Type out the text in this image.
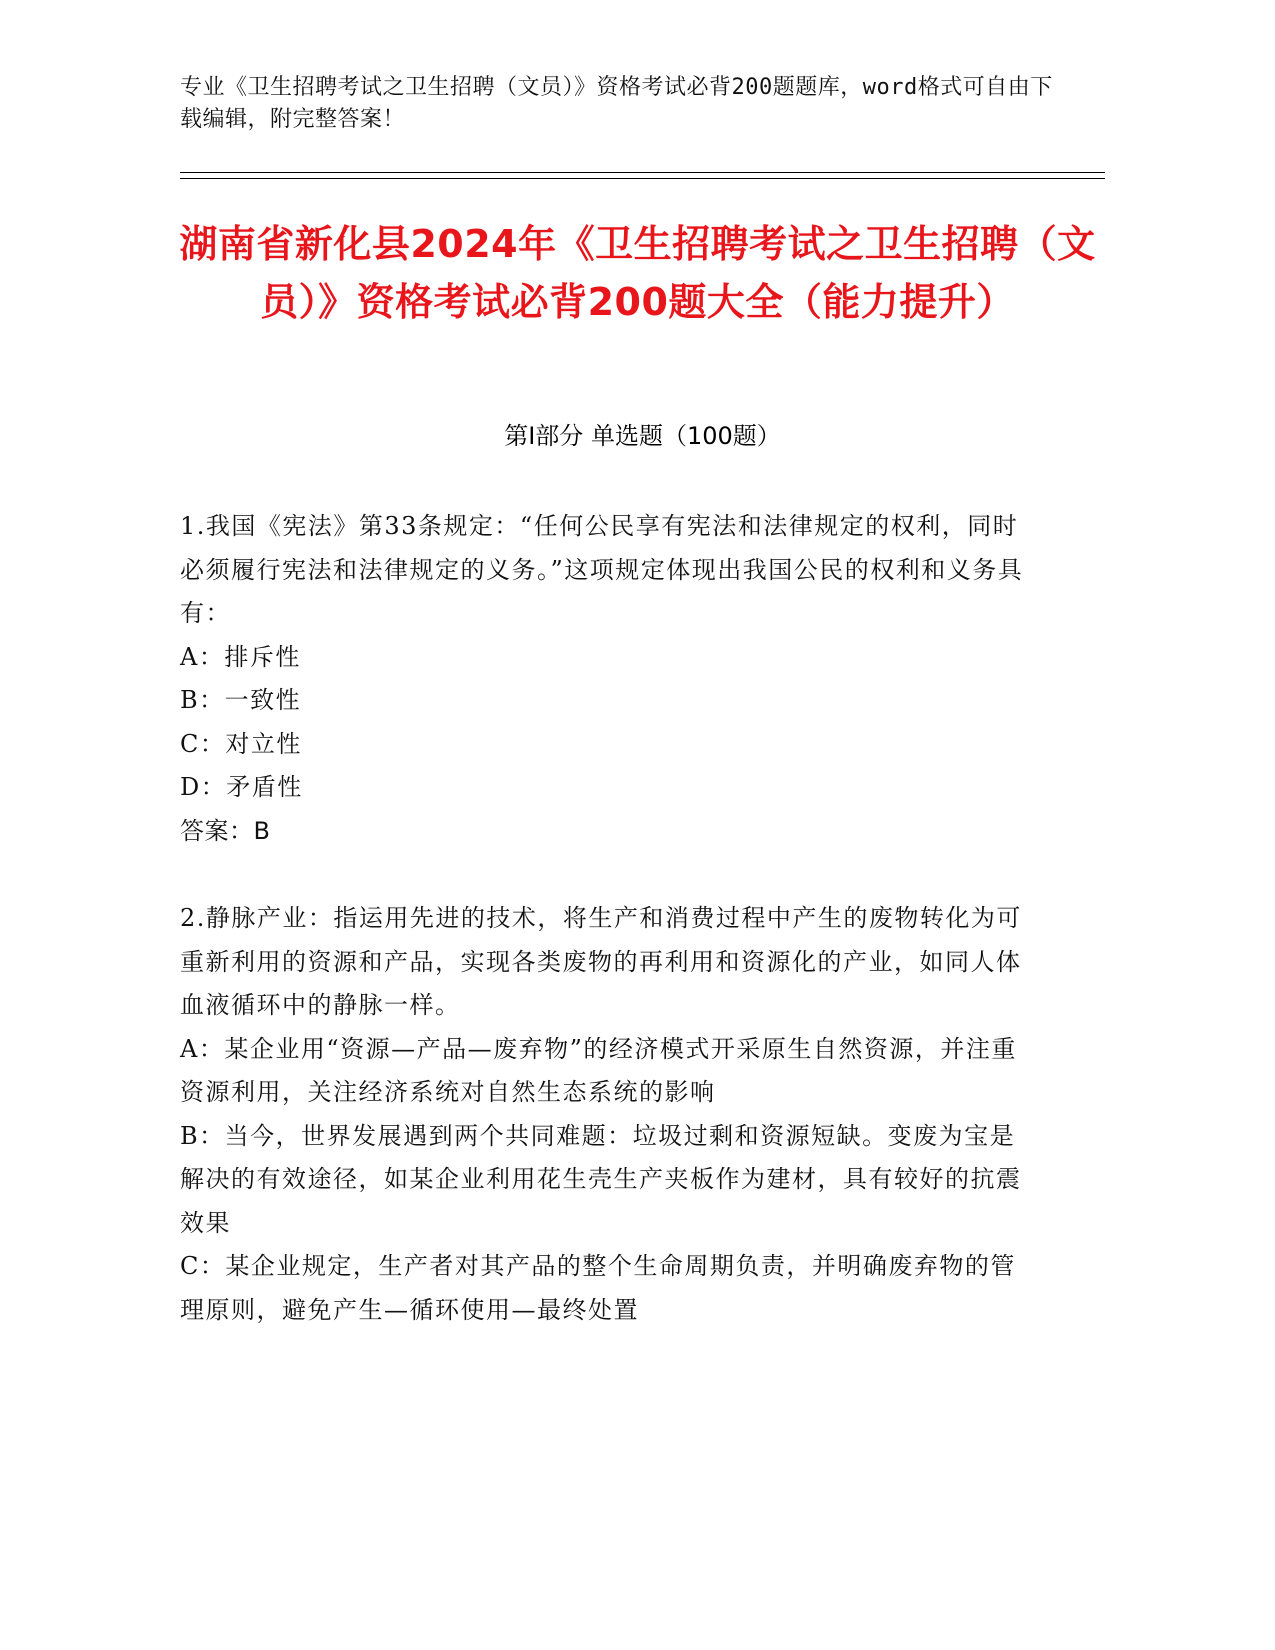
专业《卫生招聘考试之卫生招聘（文员）》资格考试必背200题题库，word格式可自由下载编辑，附完整答案！
湖南省新化县2024年《卫生招聘考试之卫生招聘（文员）》资格考试必背200题大全（能力提升）
第Ⅰ部分 单选题（100题）
1.我国《宪法》第33条规定：“任何公民享有宪法和法律规定的权利，同时必须履行宪法和法律规定的义务。”这项规定体现出我国公民的权利和义务具有：
A：排斥性
B：一致性
C：对立性
D：矛盾性
答案：B
2.静脉产业：指运用先进的技术，将生产和消费过程中产生的废物转化为可重新利用的资源和产品，实现各类废物的再利用和资源化的产业，如同人体血液循环中的静脉一样。
A：某企业用“资源—产品—废弃物”的经济模式开采原生自然资源，并注重资源利用，关注经济系统对自然生态系统的影响
B：当今，世界发展遇到两个共同难题：垃圾过剩和资源短缺。变废为宝是解决的有效途径，如某企业利用花生壳生产夹板作为建材，具有较好的抗震效果
C：某企业规定，生产者对其产品的整个生命周期负责，并明确废弃物的管理原则，避免产生—循环使用—最终处置
